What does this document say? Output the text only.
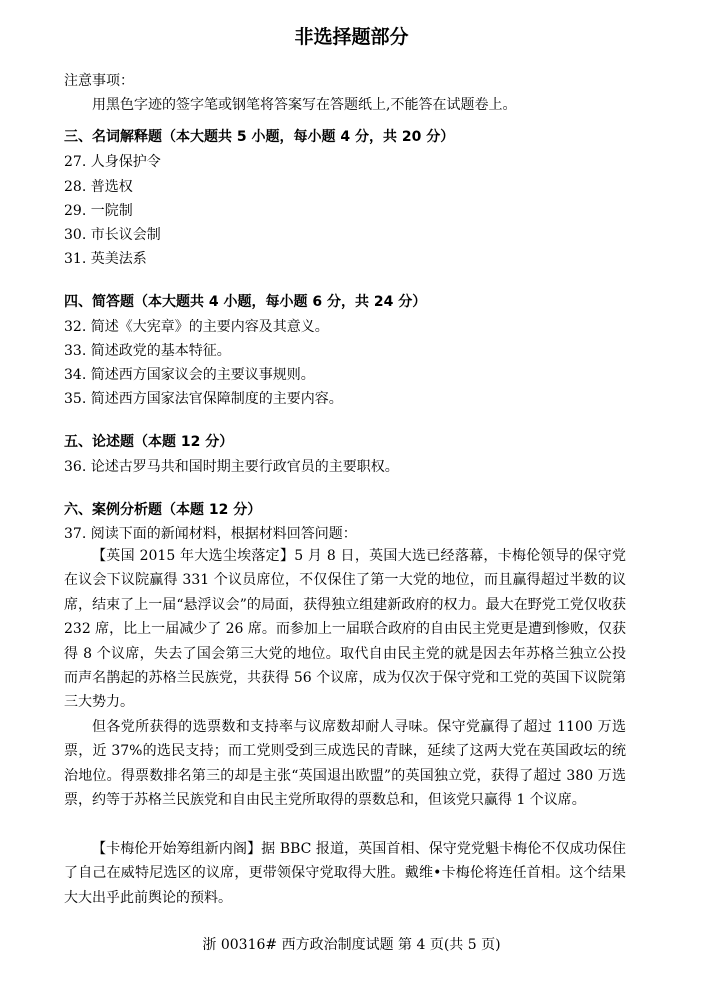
非选择题部分
注意事项：
用黑色字迹的签字笔或钢笔将答案写在答题纸上,不能答在试题卷上。
三、名词解释题（本大题共 5 小题，每小题 4 分，共 20 分）
27. 人身保护令
28. 普选权
29. 一院制
30. 市长议会制
31. 英美法系
四、简答题（本大题共 4 小题，每小题 6 分，共 24 分）
32. 简述《大宪章》的主要内容及其意义。
33. 简述政党的基本特征。
34. 简述西方国家议会的主要议事规则。
35. 简述西方国家法官保障制度的主要内容。
五、论述题（本题 12 分）
36. 论述古罗马共和国时期主要行政官员的主要职权。
六、案例分析题（本题 12 分）
37. 阅读下面的新闻材料，根据材料回答问题：
【英国 2015 年大选尘埃落定】5 月 8 日，英国大选已经落幕，卡梅伦领导的保守党在议会下议院赢得 331 个议员席位，不仅保住了第一大党的地位，而且赢得超过半数的议席，结束了上一届“悬浮议会”的局面，获得独立组建新政府的权力。最大在野党工党仅收获 232 席，比上一届减少了 26 席。而参加上一届联合政府的自由民主党更是遭到惨败，仅获得 8 个议席，失去了国会第三大党的地位。取代自由民主党的就是因去年苏格兰独立公投而声名鹊起的苏格兰民族党，共获得 56 个议席，成为仅次于保守党和工党的英国下议院第三大势力。
但各党所获得的选票数和支持率与议席数却耐人寻味。保守党赢得了超过 1100 万选票，近 37%的选民支持；而工党则受到三成选民的青睐，延续了这两大党在英国政坛的统治地位。得票数排名第三的却是主张“英国退出欧盟”的英国独立党，获得了超过 380 万选票，约等于苏格兰民族党和自由民主党所取得的票数总和，但该党只赢得 1 个议席。
【卡梅伦开始筹组新内阁】据 BBC 报道，英国首相、保守党党魁卡梅伦不仅成功保住了自己在威特尼选区的议席，更带领保守党取得大胜。戴维•卡梅伦将连任首相。这个结果大大出乎此前舆论的预料。
浙 00316# 西方政治制度试题 第 4 页(共 5 页)
